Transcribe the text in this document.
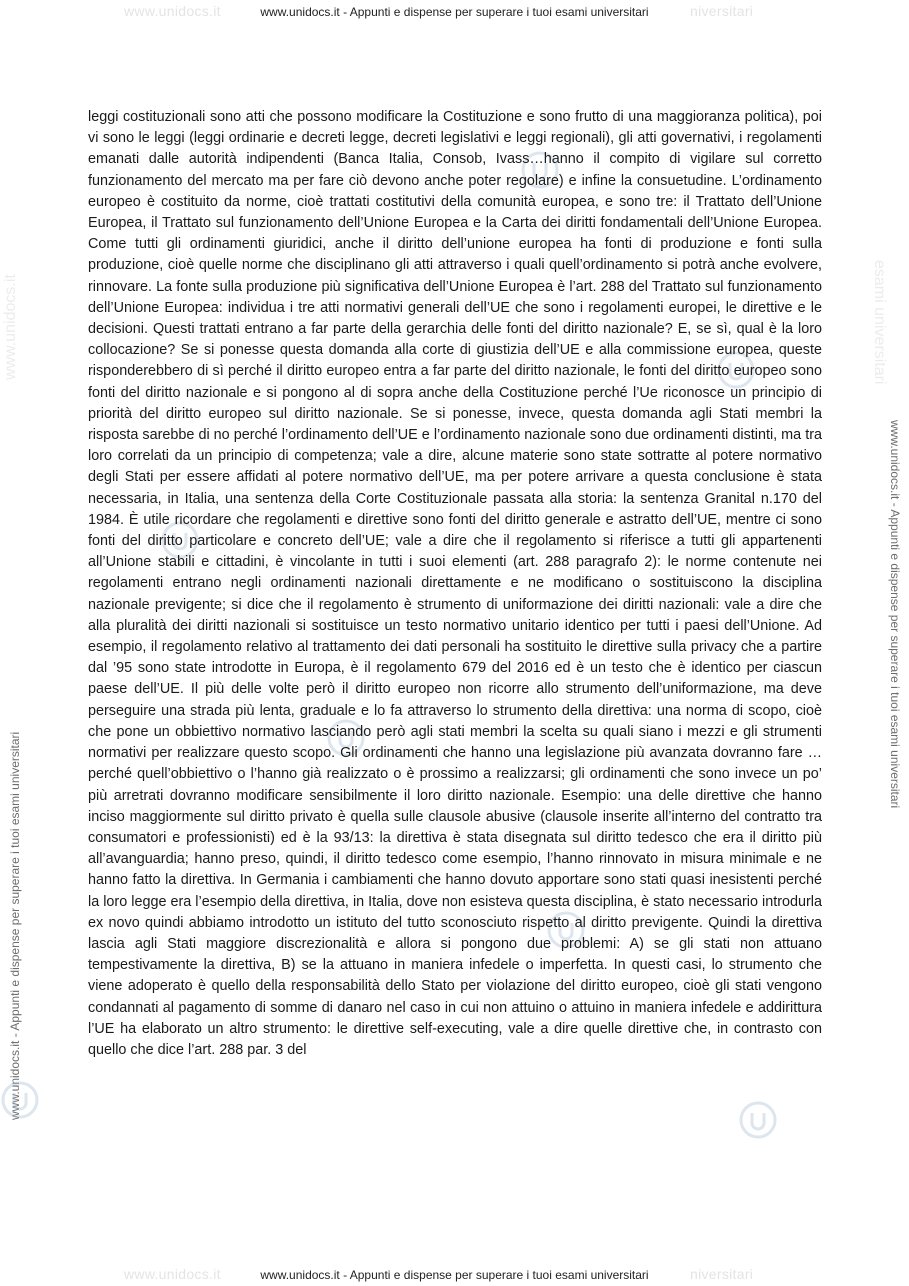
www.unidocs.it	niversitari
www.unidocs.it	niversitari
www.unidocs.it - Appunti e dispense per superare i tuoi esami universitari
www.unidocs.it - Appunti e dispense per superare i tuoi esami universitari
www.unidocs.it - Appunti e dispense per superare i tuoi esami universitari
www.unidocs.it - Appunti e dispense per superare i tuoi esami universitari
www.unidocs.it	esami universitari
leggi costituzionali sono atti che possono modificare la Costituzione e sono frutto di una maggioranza politica), poi vi sono le leggi (leggi ordinarie e decreti legge, decreti legislativi e leggi regionali), gli atti governativi, i regolamenti emanati dalle autorità indipendenti (Banca Italia, Consob, Ivass…hanno il compito di vigilare sul corretto funzionamento del mercato ma per fare ciò devono anche poter regolare) e infine la consuetudine. L’ordinamento europeo è costituito da norme, cioè trattati costitutivi della comunità europea, e sono tre: il Trattato dell’Unione Europea, il Trattato sul funzionamento dell’Unione Europea e la Carta dei diritti fondamentali dell’Unione Europea. Come tutti gli ordinamenti giuridici, anche il diritto dell’unione europea ha fonti di produzione e fonti sulla produzione, cioè quelle norme che disciplinano gli atti attraverso i quali quell’ordinamento si potrà anche evolvere, rinnovare. La fonte sulla produzione più significativa dell’Unione Europea è l’art. 288 del Trattato sul funzionamento dell’Unione Europea: individua i tre atti normativi generali dell’UE che sono i regolamenti europei, le direttive e le decisioni. Questi trattati entrano a far parte della gerarchia delle fonti del diritto nazionale? E, se sì, qual è la loro collocazione? Se si ponesse questa domanda alla corte di giustizia dell’UE e alla commissione europea, queste risponderebbero di sì perché il diritto europeo entra a far parte del diritto nazionale, le fonti del diritto europeo sono fonti del diritto nazionale e si pongono al di sopra anche della Costituzione perché l’Ue riconosce un principio di priorità del diritto europeo sul diritto nazionale. Se si ponesse, invece, questa domanda agli Stati membri la risposta sarebbe di no perché l’ordinamento dell’UE e l’ordinamento nazionale sono due ordinamenti distinti, ma tra loro correlati da un principio di competenza; vale a dire, alcune materie sono state sottratte al potere normativo degli Stati per essere affidati al potere normativo dell’UE, ma per potere arrivare a questa conclusione è stata necessaria, in Italia, una sentenza della Corte Costituzionale passata alla storia: la sentenza Granital n.170 del 1984. È utile ricordare che regolamenti e direttive sono fonti del diritto generale e astratto dell’UE, mentre ci sono fonti del diritto particolare e concreto dell’UE; vale a dire che il regolamento si riferisce a tutti gli appartenenti all’Unione stabili e cittadini, è vincolante in tutti i suoi elementi (art. 288 paragrafo 2): le norme contenute nei regolamenti entrano negli ordinamenti nazionali direttamente e ne modificano o sostituiscono la disciplina nazionale previgente; si dice che il regolamento è strumento di uniformazione dei diritti nazionali: vale a dire che alla pluralità dei diritti nazionali si sostituisce un testo normativo unitario identico per tutti i paesi dell’Unione. Ad esempio, il regolamento relativo al trattamento dei dati personali ha sostituito le direttive sulla privacy che a partire dal ’95 sono state introdotte in Europa, è il regolamento 679 del 2016 ed è un testo che è identico per ciascun paese dell’UE. Il più delle volte però il diritto europeo non ricorre allo strumento dell’uniformazione, ma deve perseguire una strada più lenta, graduale e lo fa attraverso lo strumento della direttiva: una norma di scopo, cioè che pone un obbiettivo normativo lasciando però agli stati membri la scelta su quali siano i mezzi e gli strumenti normativi per realizzare questo scopo. Gli ordinamenti che hanno una legislazione più avanzata dovranno fare … perché quell’obbiettivo o l’hanno già realizzato o è prossimo a realizzarsi; gli ordinamenti che sono invece un po’ più arretrati dovranno modificare sensibilmente il loro diritto nazionale. Esempio: una delle direttive che hanno inciso maggiormente sul diritto privato è quella sulle clausole abusive (clausole inserite all’interno del contratto tra consumatori e professionisti) ed è la 93/13: la direttiva è stata disegnata sul diritto tedesco che era il diritto più all’avanguardia; hanno preso, quindi, il diritto tedesco come esempio, l’hanno rinnovato in misura minimale e ne hanno fatto la direttiva. In Germania i cambiamenti che hanno dovuto apportare sono stati quasi inesistenti perché la loro legge era l’esempio della direttiva, in Italia, dove non esisteva questa disciplina, è stato necessario introdurla ex novo quindi abbiamo introdotto un istituto del tutto sconosciuto rispetto al diritto previgente. Quindi la direttiva lascia agli Stati maggiore discrezionalità e allora si pongono due problemi: A) se gli stati non attuano tempestivamente la direttiva, B) se la attuano in maniera infedele o imperfetta. In questi casi, lo strumento che viene adoperato è quello della responsabilità dello Stato per violazione del diritto europeo, cioè gli stati vengono condannati al pagamento di somme di danaro nel caso in cui non attuino o attuino in maniera infedele e addirittura l’UE ha elaborato un altro strumento: le direttive self-executing, vale a dire quelle direttive che, in contrasto con quello che dice l’art. 288 par. 3 del
